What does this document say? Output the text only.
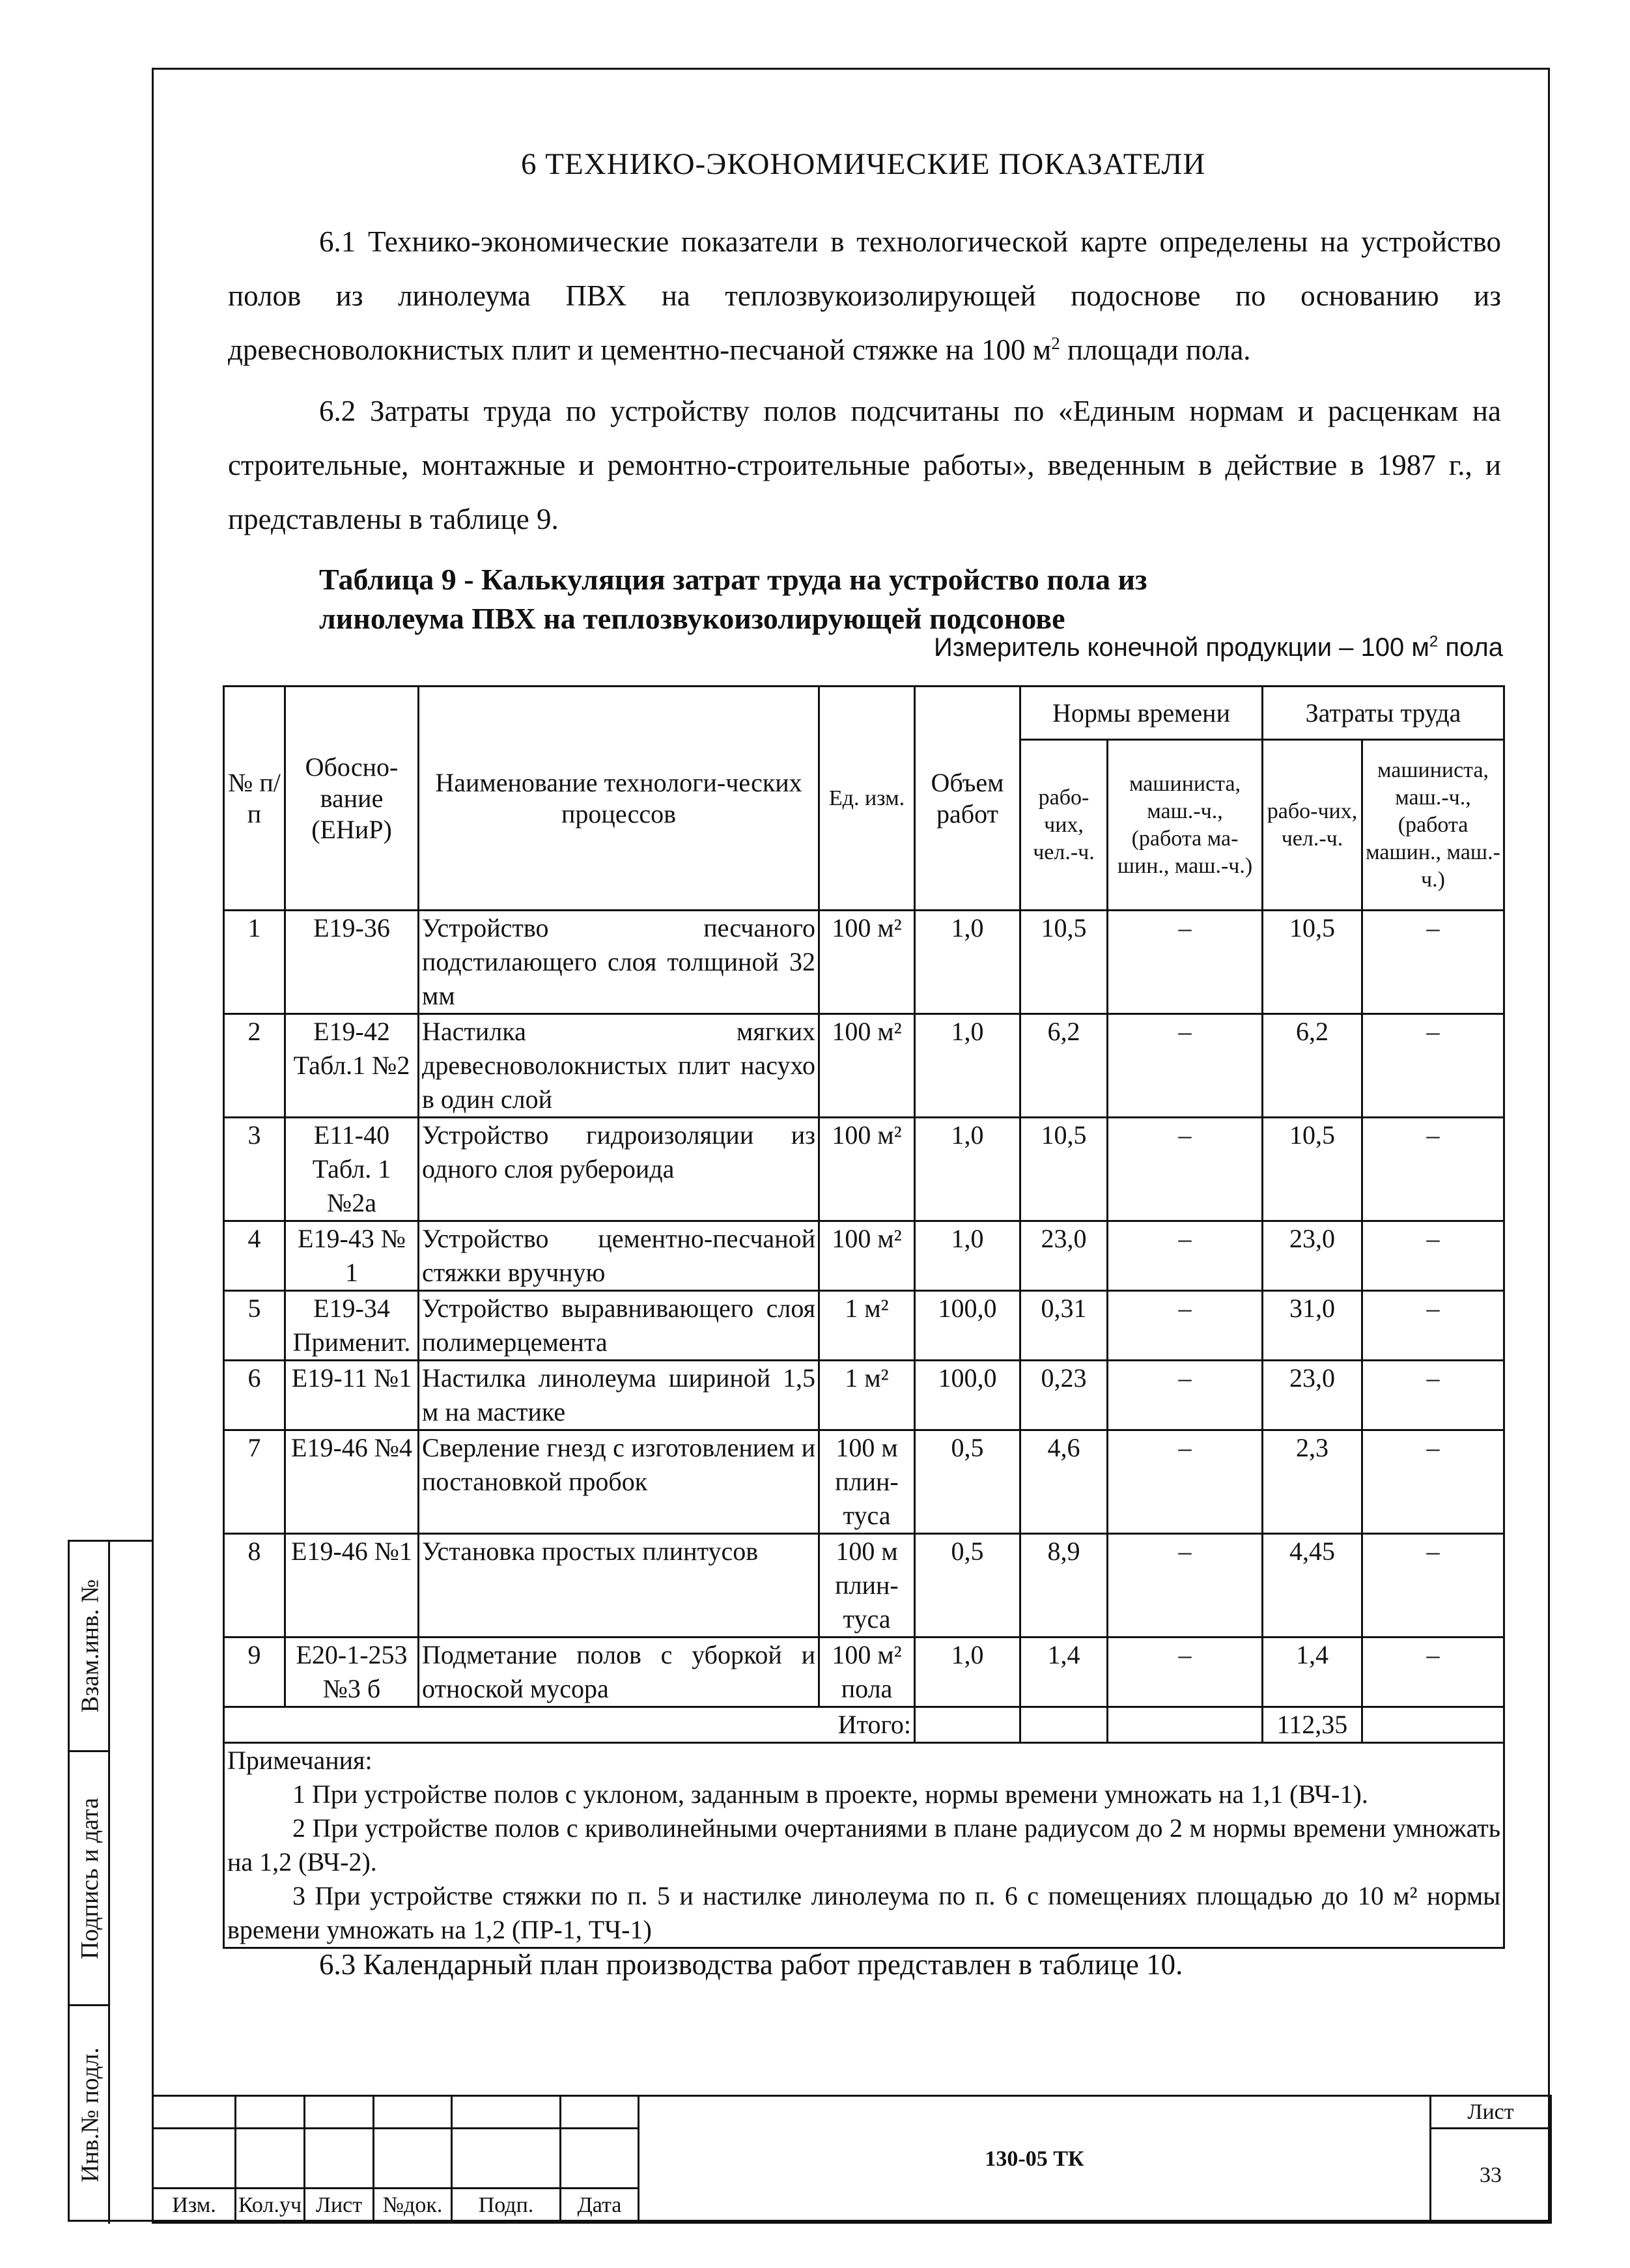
Взам.инв. №
Подпись и дата
Инв.№ подл.
6 ТЕХНИКО-ЭКОНОМИЧЕСКИЕ ПОКАЗАТЕЛИ
6.1 Технико-экономические показатели в технологической карте определены на устройство полов из линолеума ПВХ на теплозвукоизолирующей подоснове по основанию из древесноволокнистых плит и цементно-песчаной стяжке на 100 $м^2$ площади пола.
6.2 Затраты труда по устройству полов подсчитаны по «Единым нормам и расценкам на строительные, монтажные и ремонтно-строительные работы», введенным в действие в 1987 г., и представлены в таблице 9.
Таблица 9 - Калькуляция затрат труда на устройство пола из
линолеума ПВХ на теплозвукоизолирующей подсонове
Измеритель конечной продукции – 100 $м^2$ пола
№ п/п	Обосно-вание (ЕНиР)	Наименование технологи-ческих процессов	Ед. изм.	Объем работ	Нормы времени		Затраты труда	
					рабо-чих, чел.-ч.	машиниста, маш.-ч., (работа ма-шин., маш.-ч.)	рабо-чих, чел.-ч.	машиниста, маш.-ч., (работа машин., маш.-ч.)
1	Е19-36	Устройство песчаного подстилающего слоя толщиной 32 мм	100 м²	1,0	10,5	–	10,5	–
2	Е19-42 Табл.1 №2	Настилка мягких древесноволокнистых плит насухо в один слой	100 м²	1,0	6,2	–	6,2	–
3	Е11-40 Табл. 1 №2а	Устройство гидроизоляции из одного слоя рубероида	100 м²	1,0	10,5	–	10,5	–
4	Е19-43 № 1	Устройство цементно-песчаной стяжки вручную	100 м²	1,0	23,0	–	23,0	–
5	Е19-34 Применит.	Устройство выравнивающего слоя полимерцемента	1 м²	100,0	0,31	–	31,0	–
6	Е19-11 №1	Настилка линолеума шириной 1,5 м на мастике	1 м²	100,0	0,23	–	23,0	–
7	Е19-46 №4	Сверление гнезд с изготовлением и постановкой пробок	100 м плин-туса	0,5	4,6	–	2,3	–
8	Е19-46 №1	Установка простых плинтусов	100 м плин-туса	0,5	8,9	–	4,45	–
9	Е20-1-253 №3 б	Подметание полов с уборкой и отноской мусора	100 м² пола	1,0	1,4	–	1,4	–
Итого:							112,35	

Примечания:
1 При устройстве полов с уклоном, заданным в проекте, нормы времени умножать на 1,1 (ВЧ-1).
2 При устройстве полов с криволинейными очертаниями в плане радиусом до 2 м нормы времени умножать на 1,2 (ВЧ-2).
3 При устройстве стяжки по п. 5 и настилке линолеума по п. 6 с помещениях площадью до 10 м² нормы времени умножать на 1,2 (ПР-1, ТЧ-1)								
6.3 Календарный план производства работ представлен в таблице 10.
						130-05 ТК	Лист
							33
Изм.	Кол.уч	Лист	№док.	Подп.	Дата		
